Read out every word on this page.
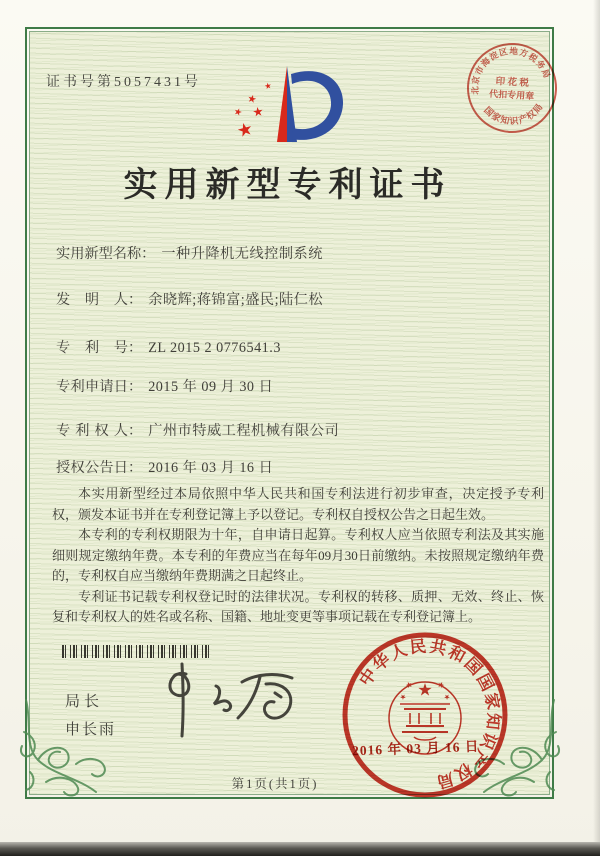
证书号第5057431号
实用新型专利证书
实用新型名称： 一种升降机无线控制系统
发明人： 余晓辉;蒋锦富;盛民;陆仁松
专利号： ZL 2015 2 0776541.3
专利申请日： 2015 年 09 月 30 日
专利权人： 广州市特威工程机械有限公司
授权公告日： 2016 年 03 月 16 日

本实用新型经过本局依照中华人民共和国专利法进行初步审查，决定授予专利权，颁发本证书并在专利登记簿上予以登记。专利权自授权公告之日起生效。

本专利的专利权期限为十年，自申请日起算。专利权人应当依照专利法及其实施细则规定缴纳年费。本专利的年费应当在每年09月30日前缴纳。未按照规定缴纳年费的，专利权自应当缴纳年费期满之日起终止。

专利证书记载专利权登记时的法律状况。专利权的转移、质押、无效、终止、恢复和专利权人的姓名或名称、国籍、地址变更等事项记载在专利登记簿上。

局长
申长雨
中华人民共和国国家知识产权局
2016 年 03 月 16 日
北京市海淀区地方税务局
国家知识产权局
印 花 税
代扣专用章
第1页(共1页)
